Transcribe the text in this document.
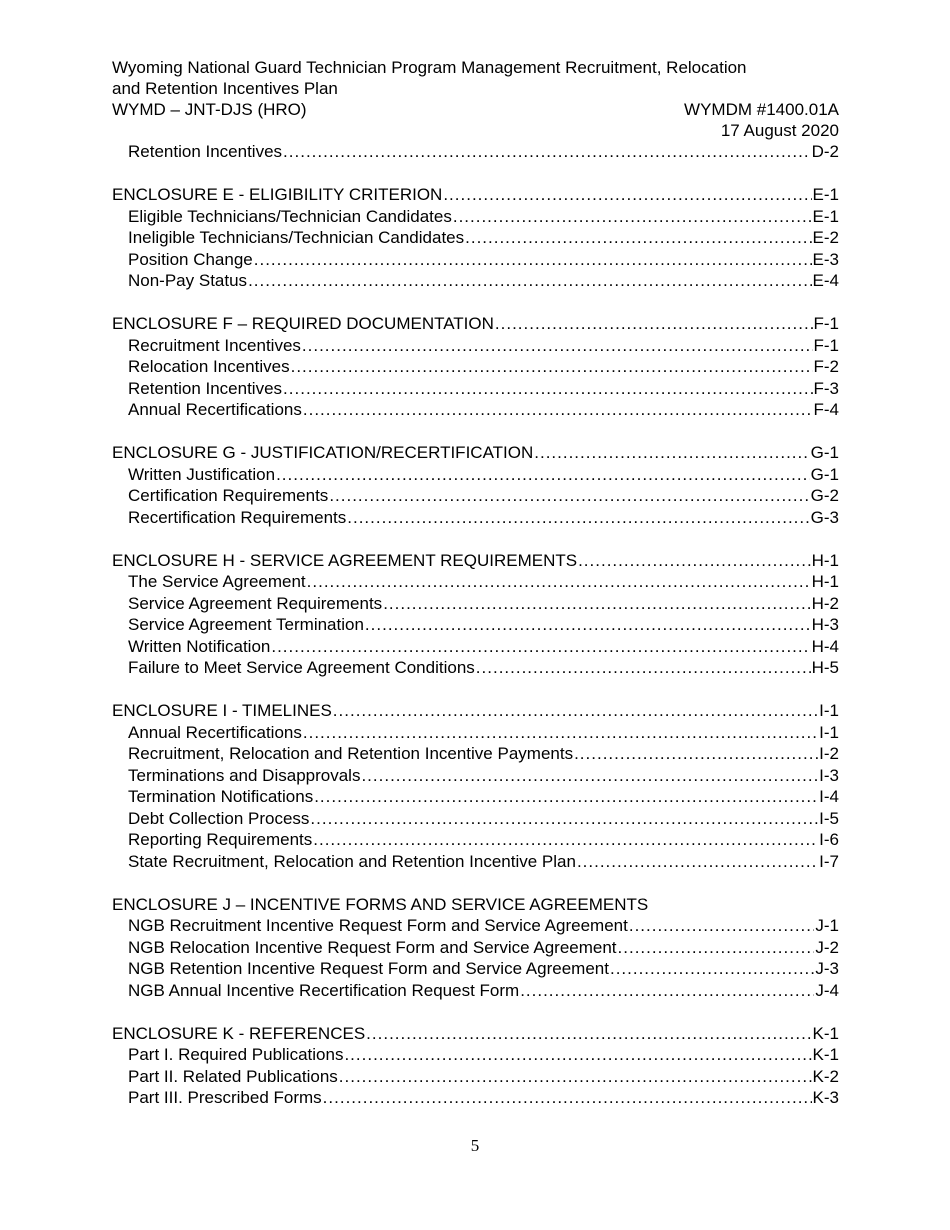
Wyoming National Guard Technician Program Management Recruitment, Relocation
and Retention Incentives Plan
WYMD – JNT-DJS (HRO)	WYMDM #1400.01A
17 August 2020
Retention Incentives .....	D-2
ENCLOSURE E - ELIGIBILITY CRITERION .....	E-1
Eligible Technicians/Technician Candidates .....	E-1
Ineligible Technicians/Technician Candidates .....	E-2
Position Change .....	E-3
Non-Pay Status .....	E-4
ENCLOSURE F – REQUIRED DOCUMENTATION .....	F-1
Recruitment Incentives .....	F-1
Relocation Incentives .....	F-2
Retention Incentives .....	F-3
Annual Recertifications .....	F-4
ENCLOSURE G - JUSTIFICATION/RECERTIFICATION .....	G-1
Written Justification .....	G-1
Certification Requirements .....	G-2
Recertification Requirements .....	G-3
ENCLOSURE H - SERVICE AGREEMENT REQUIREMENTS .....	H-1
The Service Agreement .....	H-1
Service Agreement Requirements .....	H-2
Service Agreement Termination .....	H-3
Written Notification .....	H-4
Failure to Meet Service Agreement Conditions .....	H-5
ENCLOSURE I - TIMELINES .....	I-1
Annual Recertifications .....	I-1
Recruitment, Relocation and Retention Incentive Payments .....	I-2
Terminations and Disapprovals .....	I-3
Termination Notifications .....	I-4
Debt Collection Process .....	I-5
Reporting Requirements .....	I-6
State Recruitment, Relocation and Retention Incentive Plan .....	I-7
ENCLOSURE J – INCENTIVE FORMS AND SERVICE AGREEMENTS
NGB Recruitment Incentive Request Form and Service Agreement .....	J-1
NGB Relocation Incentive Request Form and Service Agreement .....	J-2
NGB Retention Incentive Request Form and Service Agreement .....	J-3
NGB Annual Incentive Recertification Request Form .....	J-4
ENCLOSURE K - REFERENCES .....	K-1
Part I. Required Publications .....	K-1
Part II. Related Publications .....	K-2
Part III. Prescribed Forms .....	K-3
5
